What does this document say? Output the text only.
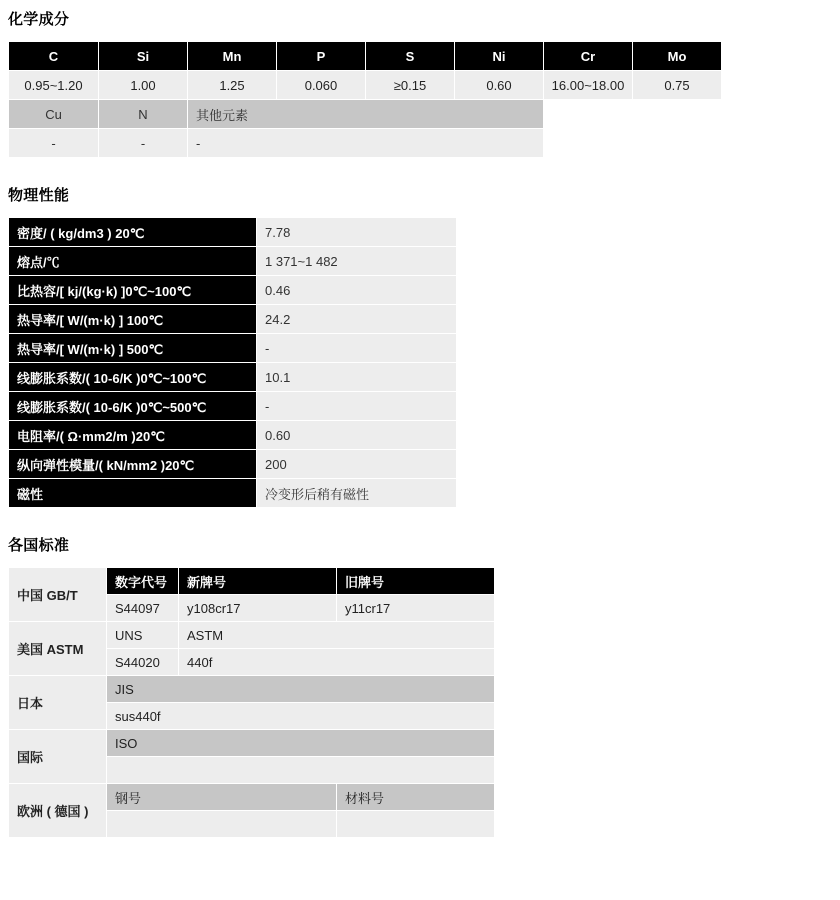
化学成分
C	Si	Mn	P	S	Ni	Cr	Mo
0.95~1.20	1.00	1.25	0.060	≥0.15	0.60	16.00~18.00	0.75
Cu	N	其他元素					
-	-	-					
物理性能
密度/ ( kg/dm3 ) 20℃	7.78
熔点/℃	1 371~1 482
比热容/[ kj/(kg·k) ]0℃~100℃	0.46
热导率/[ W/(m·k) ] 100℃	24.2
热导率/[ W/(m·k) ] 500℃	-
线膨胀系数/( 10-6/K )0℃~100℃	10.1
线膨胀系数/( 10-6/K )0℃~500℃	-
电阻率/( Ω·mm2/m )20℃	0.60
纵向弹性模量/( kN/mm2 )20℃	200
磁性	冷变形后稍有磁性
各国标准
中国 GB/T	数字代号	新牌号	旧牌号
	S44097	y108cr17	y11cr17
美国 ASTM	UNS	ASTM	
	S44020	440f	
日本	JIS		
	sus440f		
国际	ISO		

欧洲 ( 德国 )	钢号		材料号
